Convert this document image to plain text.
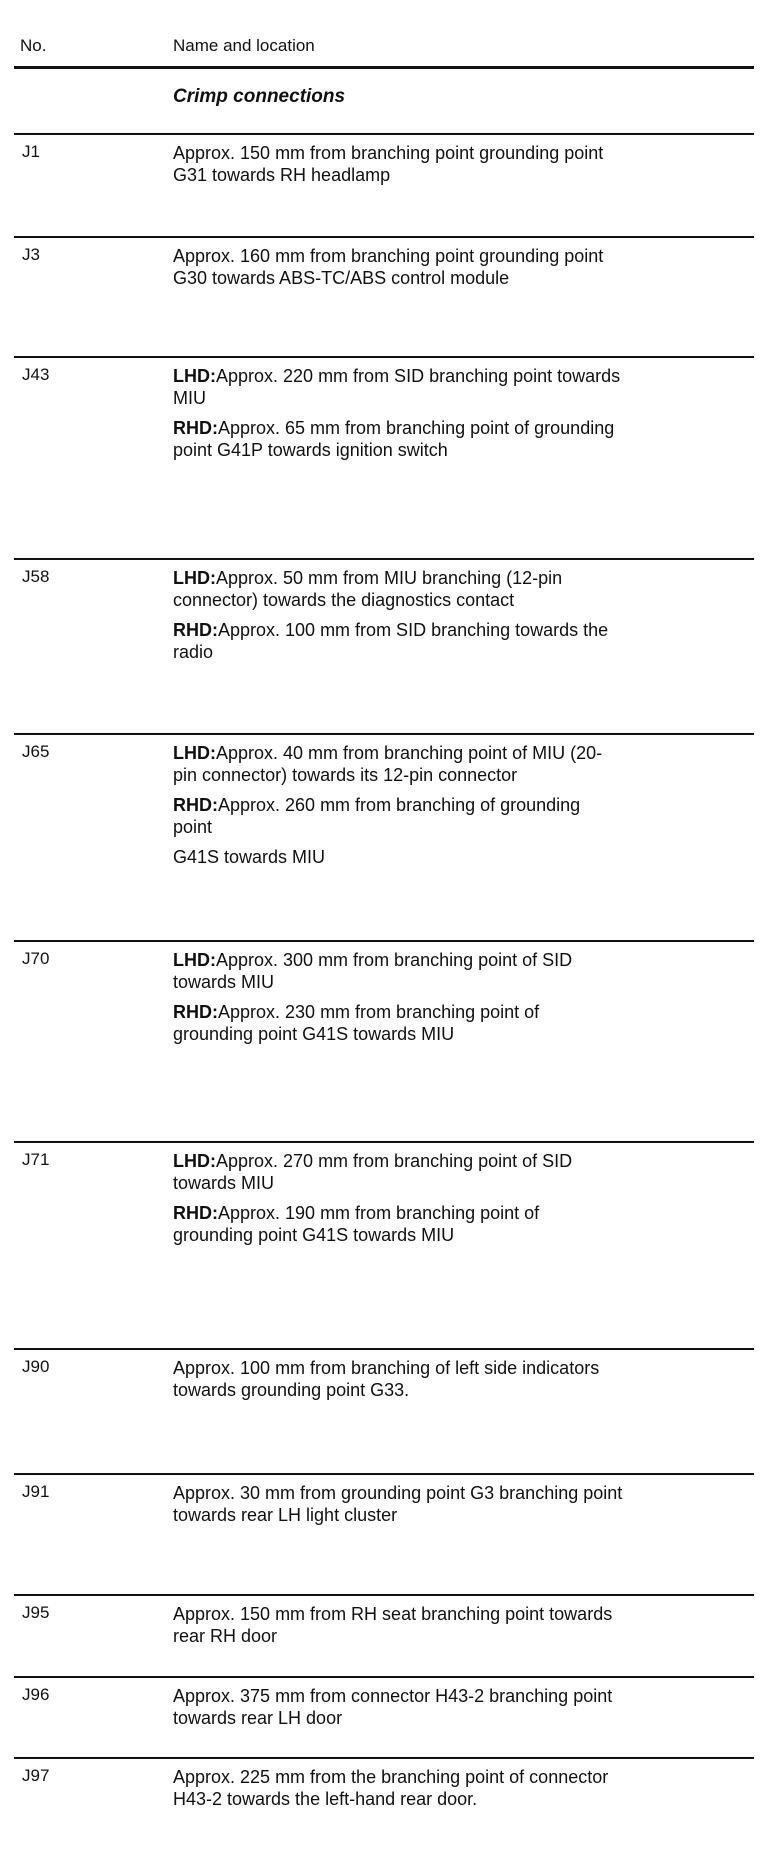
No.	Name and location
Crimp connections
J1	Approx. 150 mm from branching point grounding point G31 towards RH headlamp

J3	Approx. 160 mm from branching point grounding point G30 towards ABS-TC/ABS control module

J43	LHD:Approx. 220 mm from SID branching point towards MIU

RHD:Approx. 65 mm from branching point of grounding point G41P towards ignition switch

J58	LHD:Approx. 50 mm from MIU branching (12-pin connector) towards the diagnostics contact

RHD:Approx. 100 mm from SID branching towards the radio

J65	LHD:Approx. 40 mm from branching point of MIU (20-pin connector) towards its 12-pin connector

RHD:Approx. 260 mm from branching of grounding point

G41S towards MIU

J70	LHD:Approx. 300 mm from branching point of SID towards MIU

RHD:Approx. 230 mm from branching point of grounding point G41S towards MIU

J71	LHD:Approx. 270 mm from branching point of SID towards MIU

RHD:Approx. 190 mm from branching point of grounding point G41S towards MIU

J90	Approx. 100 mm from branching of left side indicators towards grounding point G33.

J91	Approx. 30 mm from grounding point G3 branching point towards rear LH light cluster

J95	Approx. 150 mm from RH seat branching point towards rear RH door

J96	Approx. 375 mm from connector H43-2 branching point towards rear LH door

J97	Approx. 225 mm from the branching point of connector H43-2 towards the left-hand rear door.
